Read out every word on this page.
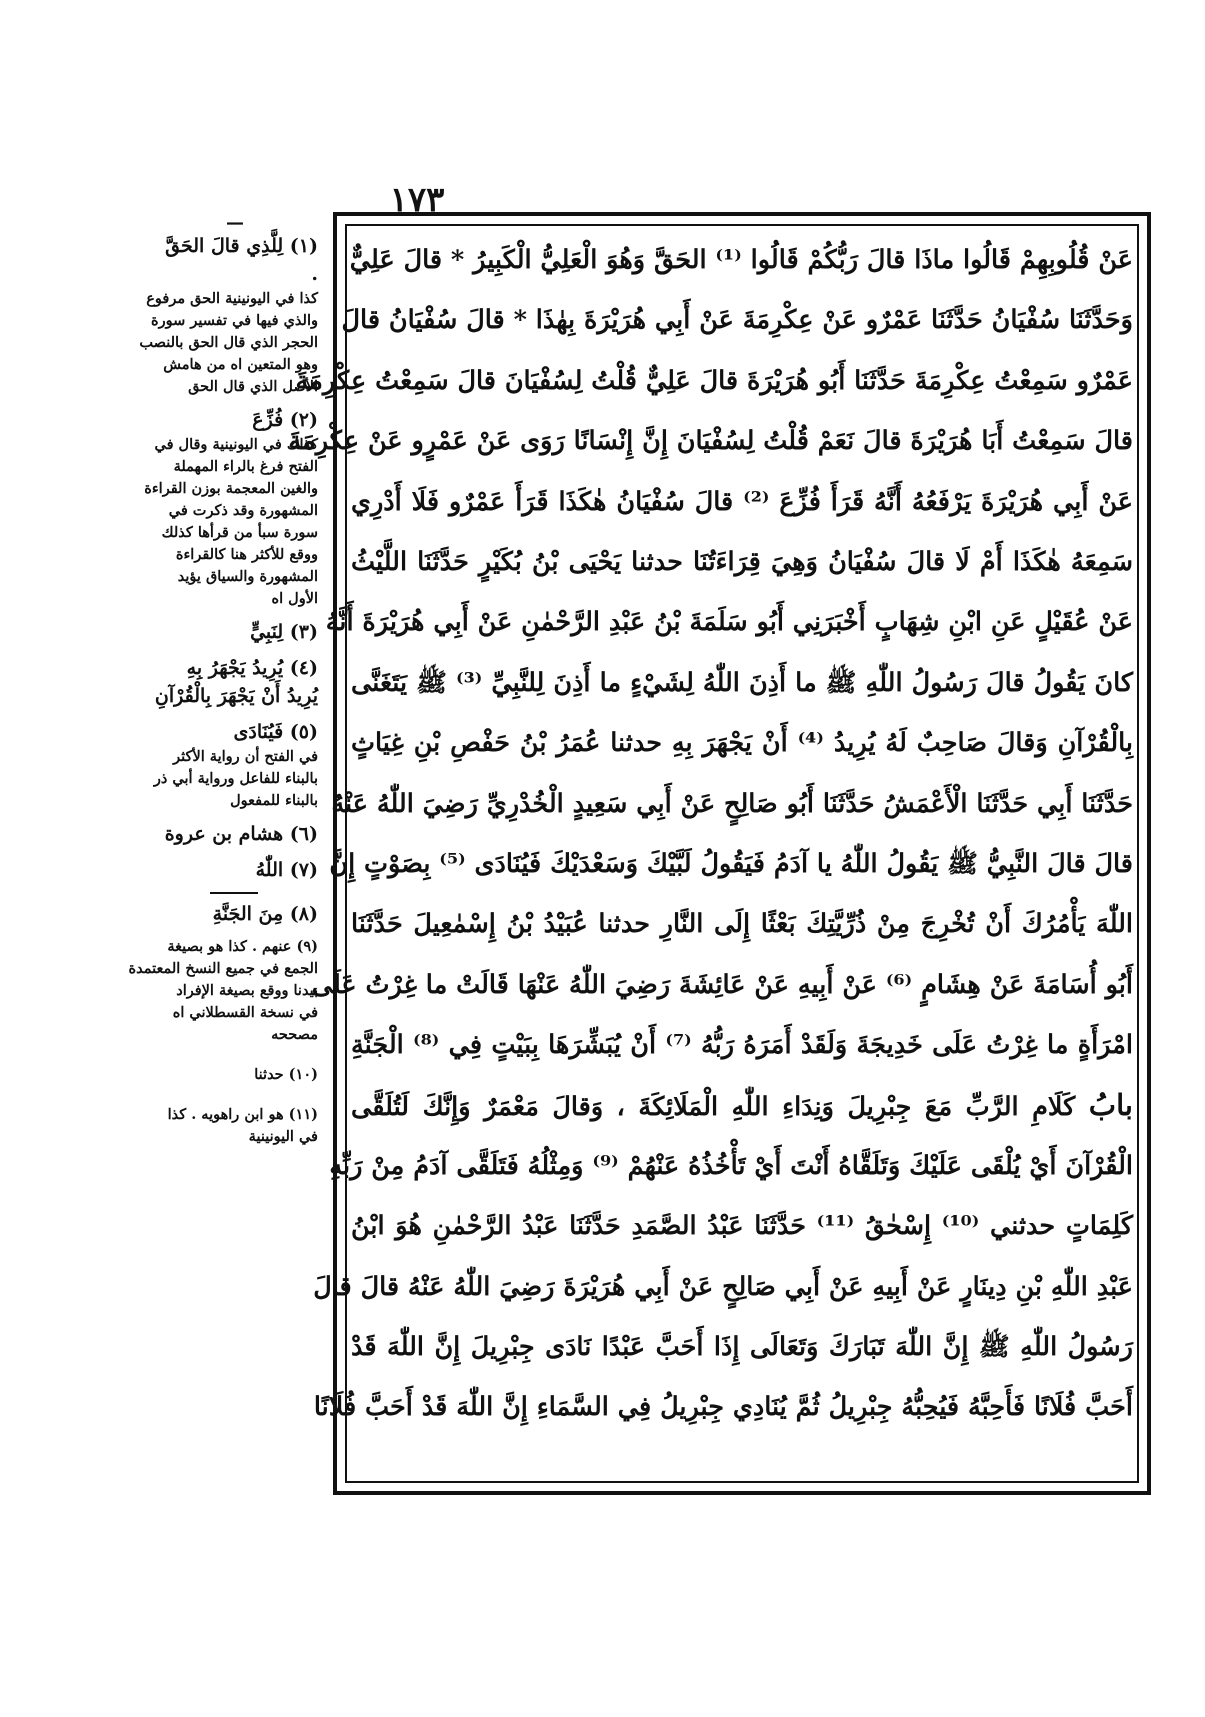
١٧٣
عَنْ قُلُوبِهِمْ قَالُوا ماذَا قالَ رَبُّكُمْ قَالُوا ⁽¹⁾ الحَقَّ وَهُوَ الْعَلِيُّ الْكَبِيرُ * قالَ عَلِيٌّ
وَحَدَّثَنَا سُفْيَانُ حَدَّثَنَا عَمْرٌو عَنْ عِكْرِمَةَ عَنْ أَبِي هُرَيْرَةَ بِهٰذَا * قالَ سُفْيَانُ قالَ
عَمْرٌو سَمِعْتُ عِكْرِمَةَ حَدَّثَنَا أَبُو هُرَيْرَةَ قالَ عَلِيٌّ قُلْتُ لِسُفْيَانَ قالَ سَمِعْتُ عِكْرِمَةَ
قالَ سَمِعْتُ أَبَا هُرَيْرَةَ قالَ نَعَمْ قُلْتُ لِسُفْيَانَ إِنَّ إِنْسَانًا رَوَى عَنْ عَمْرٍو عَنْ عِكْرِمَةَ
عَنْ أَبِي هُرَيْرَةَ يَرْفَعُهُ أَنَّهُ قَرَأَ فُزِّعَ ⁽²⁾ قالَ سُفْيَانُ هٰكَذَا قَرَأَ عَمْرٌو فَلَا أَدْرِي
سَمِعَهُ هٰكَذَا أَمْ لَا قالَ سُفْيَانُ وَهِيَ قِرَاءَتُنَا حدثنا يَحْيَى بْنُ بُكَيْرٍ حَدَّثَنَا اللَّيْثُ
عَنْ عُقَيْلٍ عَنِ ابْنِ شِهَابٍ أَخْبَرَنِي أَبُو سَلَمَةَ بْنُ عَبْدِ الرَّحْمٰنِ عَنْ أَبِي هُرَيْرَةَ أَنَّهُ
كانَ يَقُولُ قالَ رَسُولُ اللّٰهِ ﷺ ما أَذِنَ اللّٰهُ لِشَيْءٍ ما أَذِنَ لِلنَّبِيِّ ⁽³⁾ ﷺ يَتَغَنَّى
بِالْقُرْآنِ وَقالَ صَاحِبٌ لَهُ يُرِيدُ ⁽⁴⁾ أَنْ يَجْهَرَ بِهِ حدثنا عُمَرُ بْنُ حَفْصِ بْنِ غِيَاثٍ
حَدَّثَنَا أَبِي حَدَّثَنَا الْأَعْمَشُ حَدَّثَنَا أَبُو صَالِحٍ عَنْ أَبِي سَعِيدٍ الْخُدْرِيِّ رَضِيَ اللّٰهُ عَنْهُ
قالَ قالَ النَّبِيُّ ﷺ يَقُولُ اللّٰهُ يا آدَمُ فَيَقُولُ لَبَّيْكَ وَسَعْدَيْكَ فَيُنَادَى ⁽⁵⁾ بِصَوْتٍ إِنَّ
اللّٰهَ يَأْمُرُكَ أَنْ تُخْرِجَ مِنْ ذُرِّيَّتِكَ بَعْثًا إِلَى النَّارِ حدثنا عُبَيْدُ بْنُ إِسْمٰعِيلَ حَدَّثَنَا
أَبُو أُسَامَةَ عَنْ هِشَامٍ ⁽⁶⁾ عَنْ أَبِيهِ عَنْ عَائِشَةَ رَضِيَ اللّٰهُ عَنْهَا قَالَتْ ما غِرْتُ عَلَى
امْرَأَةٍ ما غِرْتُ عَلَى خَدِيجَةَ وَلَقَدْ أَمَرَهُ رَبُّهُ ⁽⁷⁾ أَنْ يُبَشِّرَهَا بِبَيْتٍ فِي ⁽⁸⁾ الْجَنَّةِ
بابُ كَلَامِ الرَّبِّ مَعَ جِبْرِيلَ وَنِدَاءِ اللّٰهِ الْمَلَائِكَةَ ، وَقالَ مَعْمَرٌ وَإِنَّكَ لَتُلَقَّى
الْقُرْآنَ أَيْ يُلْقَى عَلَيْكَ وَتَلَقَّاهُ أَنْتَ أَيْ تَأْخُذُهُ عَنْهُمْ ⁽⁹⁾ وَمِثْلُهُ فَتَلَقَّى آدَمُ مِنْ رَبِّهِ
كَلِمَاتٍ حدثني ⁽¹⁰⁾ إِسْحٰقُ ⁽¹¹⁾ حَدَّثَنَا عَبْدُ الصَّمَدِ حَدَّثَنَا عَبْدُ الرَّحْمٰنِ هُوَ ابْنُ
عَبْدِ اللّٰهِ بْنِ دِينَارٍ عَنْ أَبِيهِ عَنْ أَبِي صَالِحٍ عَنْ أَبِي هُرَيْرَةَ رَضِيَ اللّٰهُ عَنْهُ قالَ قالَ
رَسُولُ اللّٰهِ ﷺ إِنَّ اللّٰهَ تَبَارَكَ وَتَعَالَى إِذَا أَحَبَّ عَبْدًا نَادَى جِبْرِيلَ إِنَّ اللّٰهَ قَدْ
أَحَبَّ فُلَانًا فَأَحِبَّهُ فَيُحِبُّهُ جِبْرِيلُ ثُمَّ يُنَادِي جِبْرِيلُ فِي السَّمَاءِ إِنَّ اللّٰهَ قَدْ أَحَبَّ فُلَانًا
━━
(١) لِلَّذِي قالَ الحَقَّ .
كذا في اليونينية الحق مرفوع
والذي فيها في تفسير سورة
الحجر الذي قال الحق بالنصب
وهو المتعين اه من هامش
الأصل الذي قال الحق
(٢) فُزِّعَ
كذلك في اليونينية وقال في
الفتح فرغ بالراء المهملة
والغين المعجمة بوزن القراءة
المشهورة وقد ذكرت في
سورة سبأ من قرأها كذلك
ووقع للأكثر هنا كالقراءة
المشهورة والسياق يؤيد
الأول اه
(٣) لِنَبِيٍّ
(٤) يُرِيدُ يَجْهَرُ بِهِ
يُرِيدُ أَنْ يَجْهَرَ بِالْقُرْآنِ
(٥) فَيُنَادَى
في الفتح أن رواية الأكثر
بالبناء للفاعل ورواية أبي ذر
بالبناء للمفعول
(٦) هشام بن عروة
(٧) اللّٰهُ
(٨) مِنَ الجَنَّةِ
(٩) عنهم . كذا هو بصيغة
الجمع في جميع النسخ المعتمدة
بيدنا ووقع بصيغة الإفراد
في نسخة القسطلاني اه
مصححه
(١٠) حدثنا
(١١) هو ابن راهويه . كذا
في اليونينية
